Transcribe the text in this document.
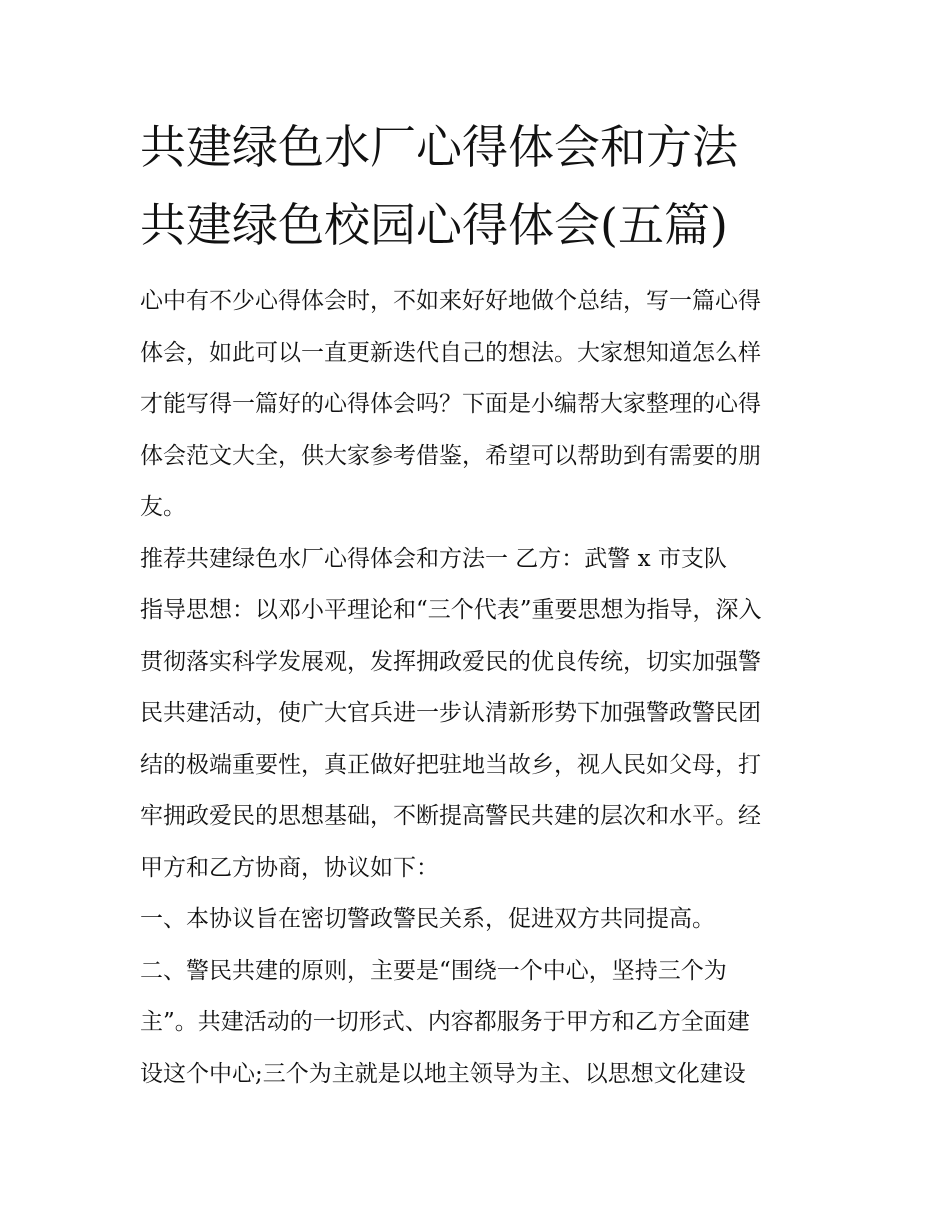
共建绿色水厂心得体会和方法
共建绿色校园心得体会(五篇)
心中有不少心得体会时，不如来好好地做个总结，写一篇心得
体会，如此可以一直更新迭代自己的想法。大家想知道怎么样
才能写得一篇好的心得体会吗？下面是小编帮大家整理的心得
体会范文大全，供大家参考借鉴，希望可以帮助到有需要的朋
友。
推荐共建绿色水厂心得体会和方法一 乙方：武警 x 市支队
指导思想：以邓小平理论和“三个代表”重要思想为指导，深入
贯彻落实科学发展观，发挥拥政爱民的优良传统，切实加强警
民共建活动，使广大官兵进一步认清新形势下加强警政警民团
结的极端重要性，真正做好把驻地当故乡，视人民如父母，打
牢拥政爱民的思想基础，不断提高警民共建的层次和水平。经
甲方和乙方协商，协议如下：
一、本协议旨在密切警政警民关系，促进双方共同提高。
二、警民共建的原则，主要是“围绕一个中心，坚持三个为
主”。共建活动的一切形式、内容都服务于甲方和乙方全面建
设这个中心;三个为主就是以地主领导为主、以思想文化建设
